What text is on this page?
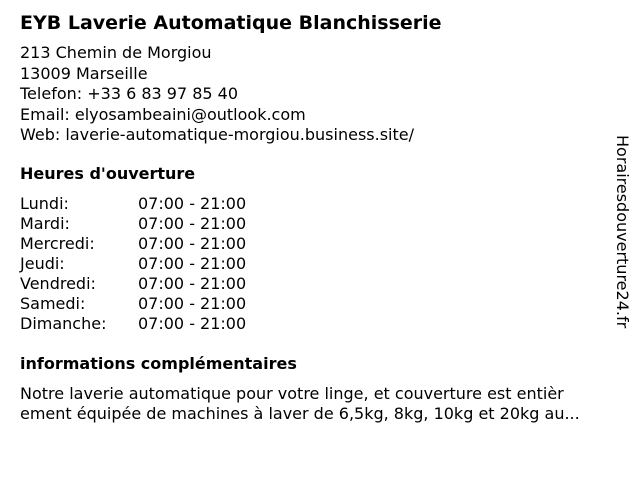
EYB Laverie Automatique Blanchisserie
213 Chemin de Morgiou
13009 Marseille
Telefon: +33 6 83 97 85 40
Email: elyosambeaini@outlook.com
Web: laverie-automatique-morgiou.business.site/
Heures d'ouverture
Lundi:	07:00 - 21:00
Mardi:	07:00 - 21:00
Mercredi:	07:00 - 21:00
Jeudi:	07:00 - 21:00
Vendredi:	07:00 - 21:00
Samedi:	07:00 - 21:00
Dimanche: 07:00 - 21:00
informations complémentaires
Notre laverie automatique pour votre linge, et couverture est entièr
ement équipée de machines à laver de 6,5kg, 8kg, 10kg et 20kg au...
Horairesdouverture24.fr
